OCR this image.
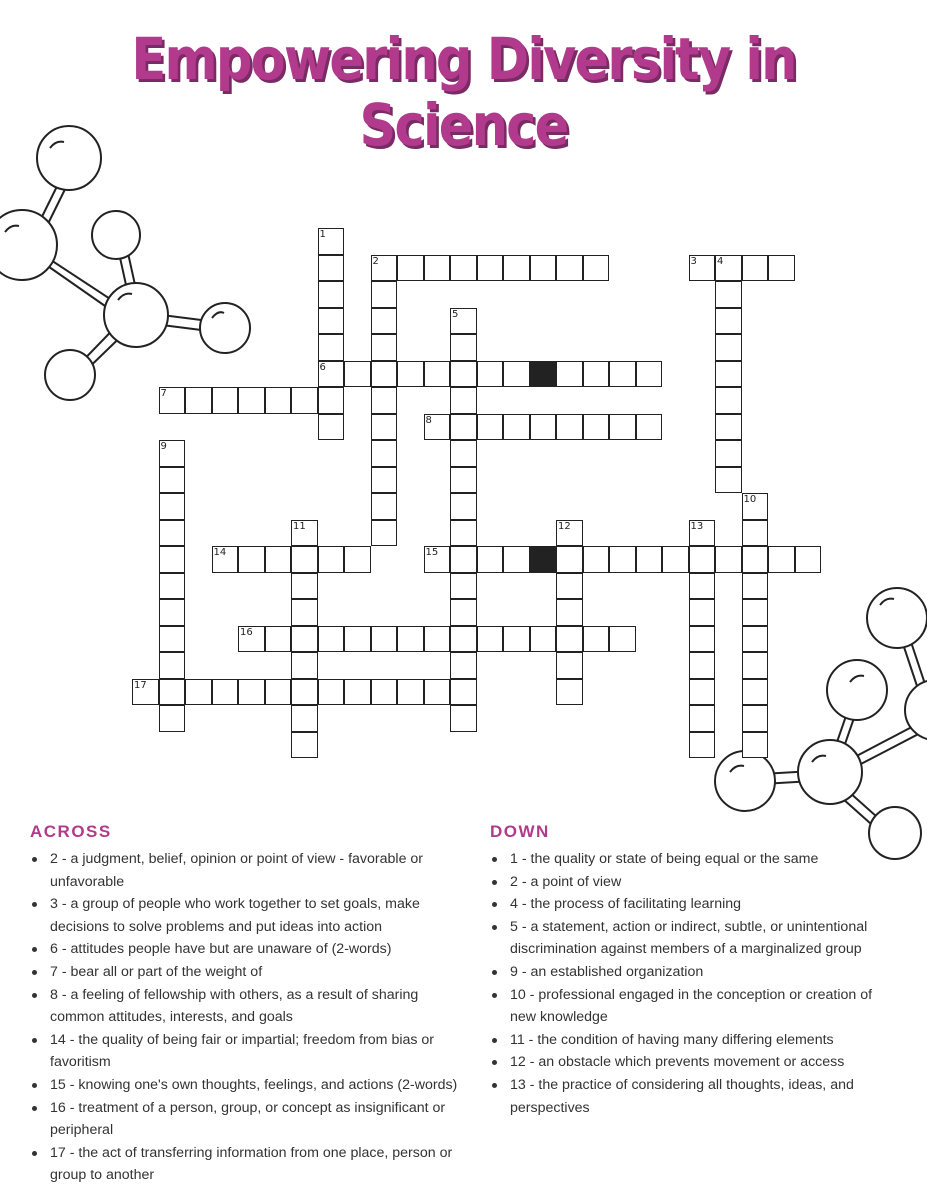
Empowering Diversity in
Science
2	3 4
6
7
8
14	15
16
17
1
5
9
10
11	12	13
ACROSS
2 - a judgment, belief, opinion or point of view - favorable or unfavorable
3 - a group of people who work together to set goals, make decisions to solve problems and put ideas into action
6 - attitudes people have but are unaware of (2-words)
7 - bear all or part of the weight of
8 - a feeling of fellowship with others, as a result of sharing common attitudes, interests, and goals
14 - the quality of being fair or impartial; freedom from bias or favoritism
15 - knowing one's own thoughts, feelings, and actions (2-words)
16 - treatment of a person, group, or concept as insignificant or peripheral
17 - the act of transferring information from one place, person or group to another
DOWN
1 - the quality or state of being equal or the same
2 - a point of view
4 - the process of facilitating learning
5 - a statement, action or indirect, subtle, or unintentional discrimination against members of a marginalized group
9 - an established organization
10 - professional engaged in the conception or creation of new knowledge
11 - the condition of having many differing elements
12 - an obstacle which prevents movement or access
13 - the practice of considering all thoughts, ideas, and perspectives
